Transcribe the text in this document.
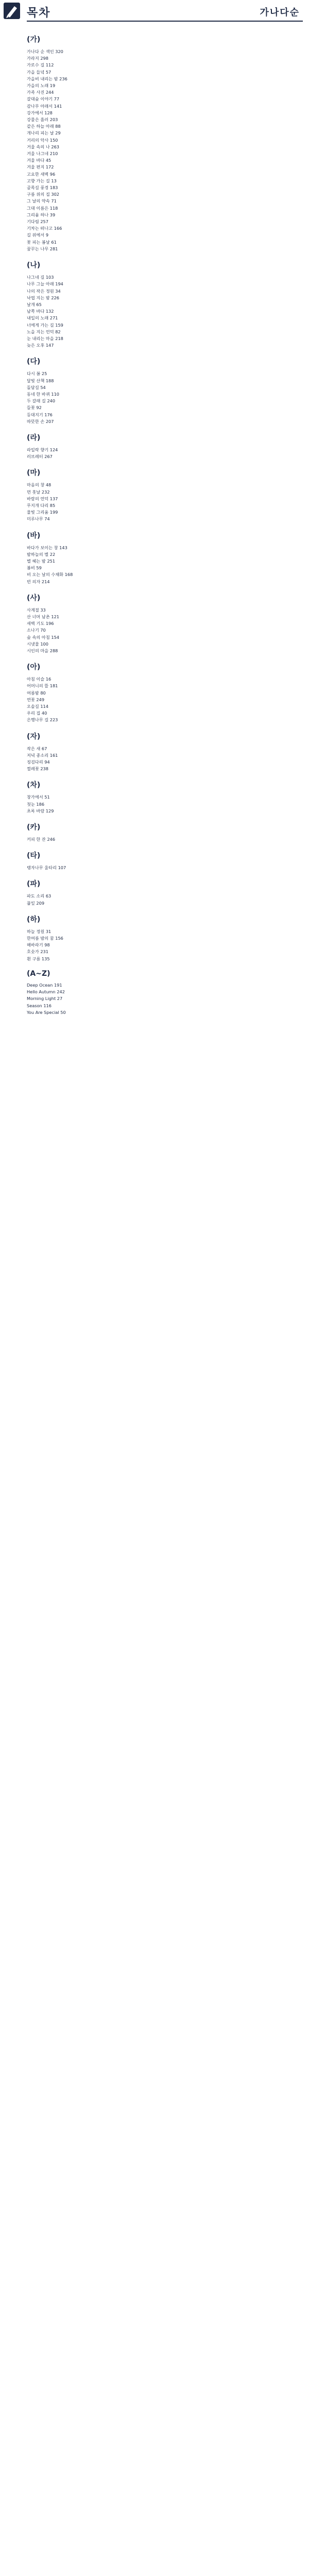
목차	가나다순
(가)
가나다 순 색인 320
가라지 298
가로수 길 112
가을 들녘 57
가을비 내리는 밤 236
가을의 노래 19
가족 사진 244
갈대숲 이야기 77
감나무 아래서 141
강가에서 128
강물은 흘러 203
같은 하늘 아래 88
개나리 피는 날 29
거리의 악사 150
거울 속의 나 263
겨울 나그네 210
겨울 바다 45
겨울 편지 172
고요한 새벽 96
고향 가는 길 13
골목길 풍경 183
구름 위의 집 302
그 날의 약속 71
그대 이름은 118
그리움 하나 39
기다림 257
기차는 떠나고 166
길 위에서 9
꽃 피는 봄날 61
꿈꾸는 나무 281
(나)
나그네 길 103
나무 그늘 아래 194
나의 작은 정원 34
낙엽 지는 밤 226
날개 65
남쪽 바다 132
내일의 노래 271
너에게 가는 길 159
노을 지는 언덕 82
눈 내리는 마을 218
늦은 오후 147
(다)
다시 봄 25
달빛 산책 188
돌담길 54
동네 한 바퀴 110
두 갈래 길 240
들꽃 92
등대지기 176
따뜻한 손 207
(라)
라일락 향기 124
러브레터 267
(마)
마음의 창 48
먼 훗날 232
바람의 언덕 137
무지개 다리 85
물빛 그리움 199
미루나무 74
(바)
바다가 보이는 창 143
밤하늘의 별 22
별 헤는 밤 251
봄비 59
비 오는 날의 수채화 168
빈 의자 214
(사)
사계절 33
산 너머 남촌 121
새벽 기도 196
소나기 70
숲 속의 아침 154
시냇물 100
시인의 마을 288
(아)
아침 이슬 16
어머니의 뜰 181
여름밤 80
연꽃 249
오솔길 114
우리 집 40
은행나무 길 223
(자)
작은 새 67
저녁 종소리 161
징검다리 94
찔레꽃 238
(차)
창가에서 51
첫눈 186
초록 바람 129
(카)
커피 한 잔 246
(타)
탱자나무 울타리 107
(파)
파도 소리 63
풀잎 209
(하)
하늘 정원 31
한여름 밤의 꿈 156
해바라기 98
호숫가 231
흰 구름 135
(A~Z)
Deep Ocean 191
Hello Autumn 242
Morning Light 27
Season 116
You Are Special 50
